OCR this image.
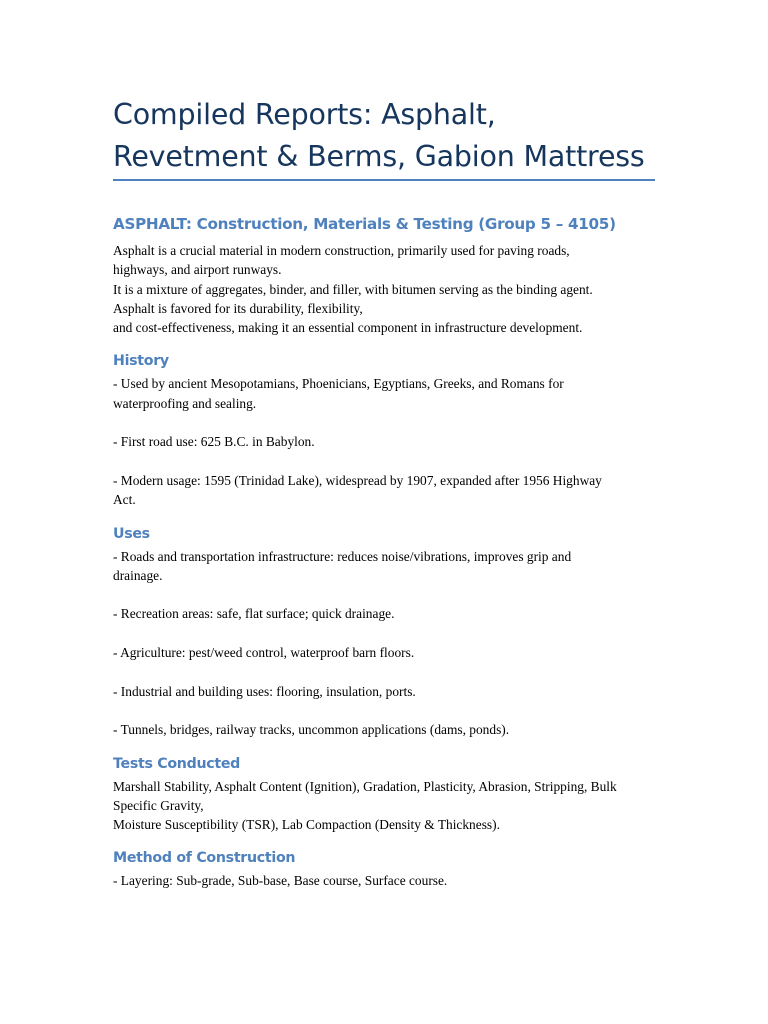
Compiled Reports: Asphalt, Revetment & Berms, Gabion Mattress
ASPHALT: Construction, Materials & Testing (Group 5 – 4105)

Asphalt is a crucial material in modern construction, primarily used for paving roads,
highways, and airport runways.
It is a mixture of aggregates, binder, and filler, with bitumen serving as the binding agent.
Asphalt is favored for its durability, flexibility,
and cost-effectiveness, making it an essential component in infrastructure development.

History
- Used by ancient Mesopotamians, Phoenicians, Egyptians, Greeks, and Romans for
waterproofing and sealing.
- First road use: 625 B.C. in Babylon.
- Modern usage: 1595 (Trinidad Lake), widespread by 1907, expanded after 1956 Highway
Act.
Uses
- Roads and transportation infrastructure: reduces noise/vibrations, improves grip and
drainage.
- Recreation areas: safe, flat surface; quick drainage.
- Agriculture: pest/weed control, waterproof barn floors.
- Industrial and building uses: flooring, insulation, ports.
- Tunnels, bridges, railway tracks, uncommon applications (dams, ponds).
Tests Conducted

Marshall Stability, Asphalt Content (Ignition), Gradation, Plasticity, Abrasion, Stripping, Bulk
Specific Gravity,
Moisture Susceptibility (TSR), Lab Compaction (Density & Thickness).

Method of Construction

- Layering: Sub-grade, Sub-base, Base course, Surface course.
